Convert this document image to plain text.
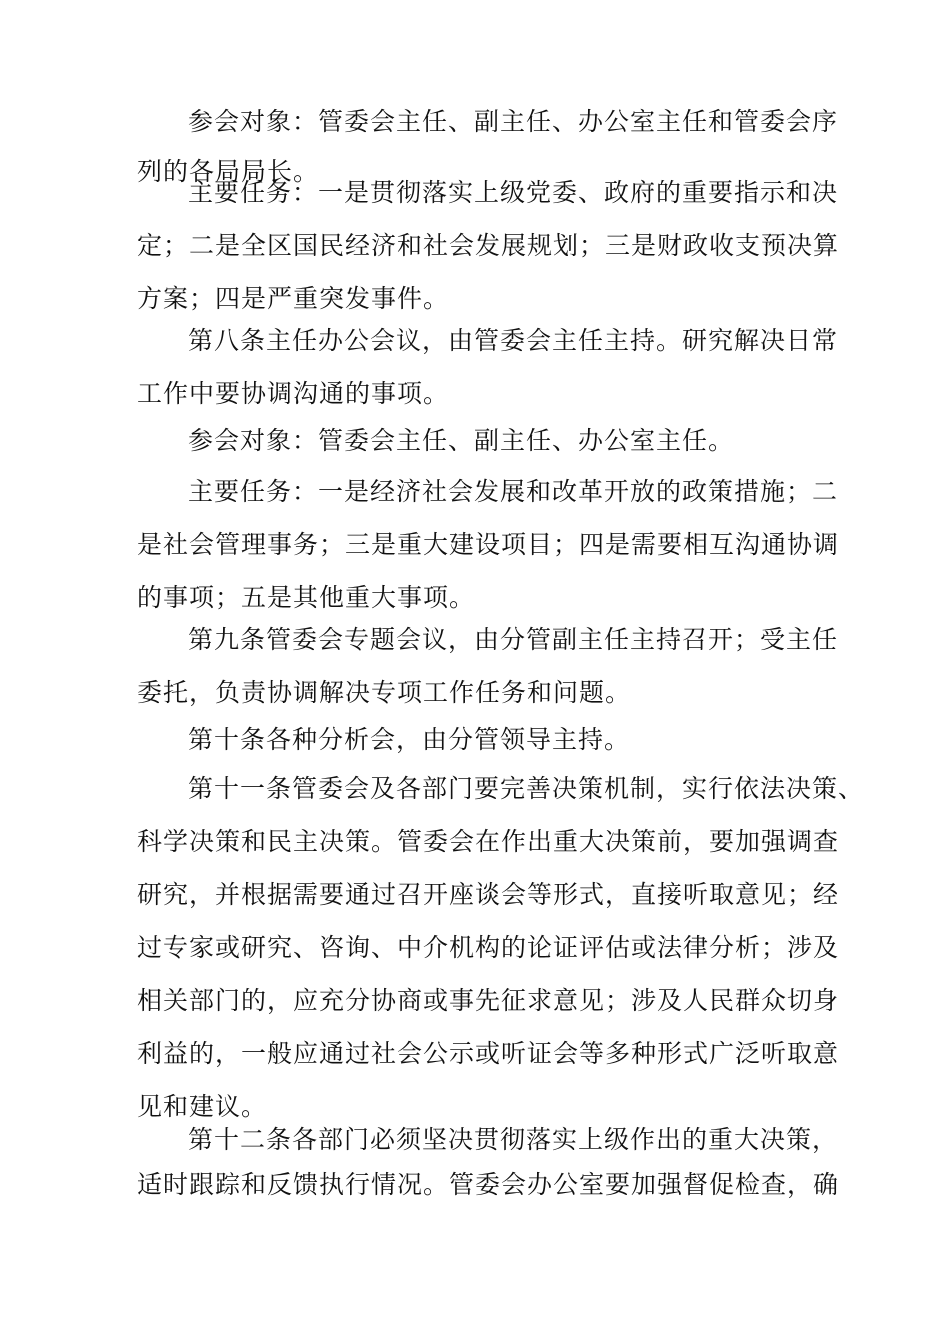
参会对象：管委会主任、副主任、办公室主任和管委会序
列的各局局长。
主要任务：一是贯彻落实上级党委、政府的重要指示和决
定；二是全区国民经济和社会发展规划；三是财政收支预决算
方案；四是严重突发事件。
第八条主任办公会议，由管委会主任主持。研究解决日常
工作中要协调沟通的事项。
参会对象：管委会主任、副主任、办公室主任。
主要任务：一是经济社会发展和改革开放的政策措施；二
是社会管理事务；三是重大建设项目；四是需要相互沟通协调
的事项；五是其他重大事项。
第九条管委会专题会议，由分管副主任主持召开；受主任
委托，负责协调解决专项工作任务和问题。
第十条各种分析会，由分管领导主持。
第十一条管委会及各部门要完善决策机制，实行依法决策、
科学决策和民主决策。管委会在作出重大决策前，要加强调查
研究，并根据需要通过召开座谈会等形式，直接听取意见；经
过专家或研究、咨询、中介机构的论证评估或法律分析；涉及
相关部门的，应充分协商或事先征求意见；涉及人民群众切身
利益的，一般应通过社会公示或听证会等多种形式广泛听取意
见和建议。
第十二条各部门必须坚决贯彻落实上级作出的重大决策，
适时跟踪和反馈执行情况。管委会办公室要加强督促检查，确
